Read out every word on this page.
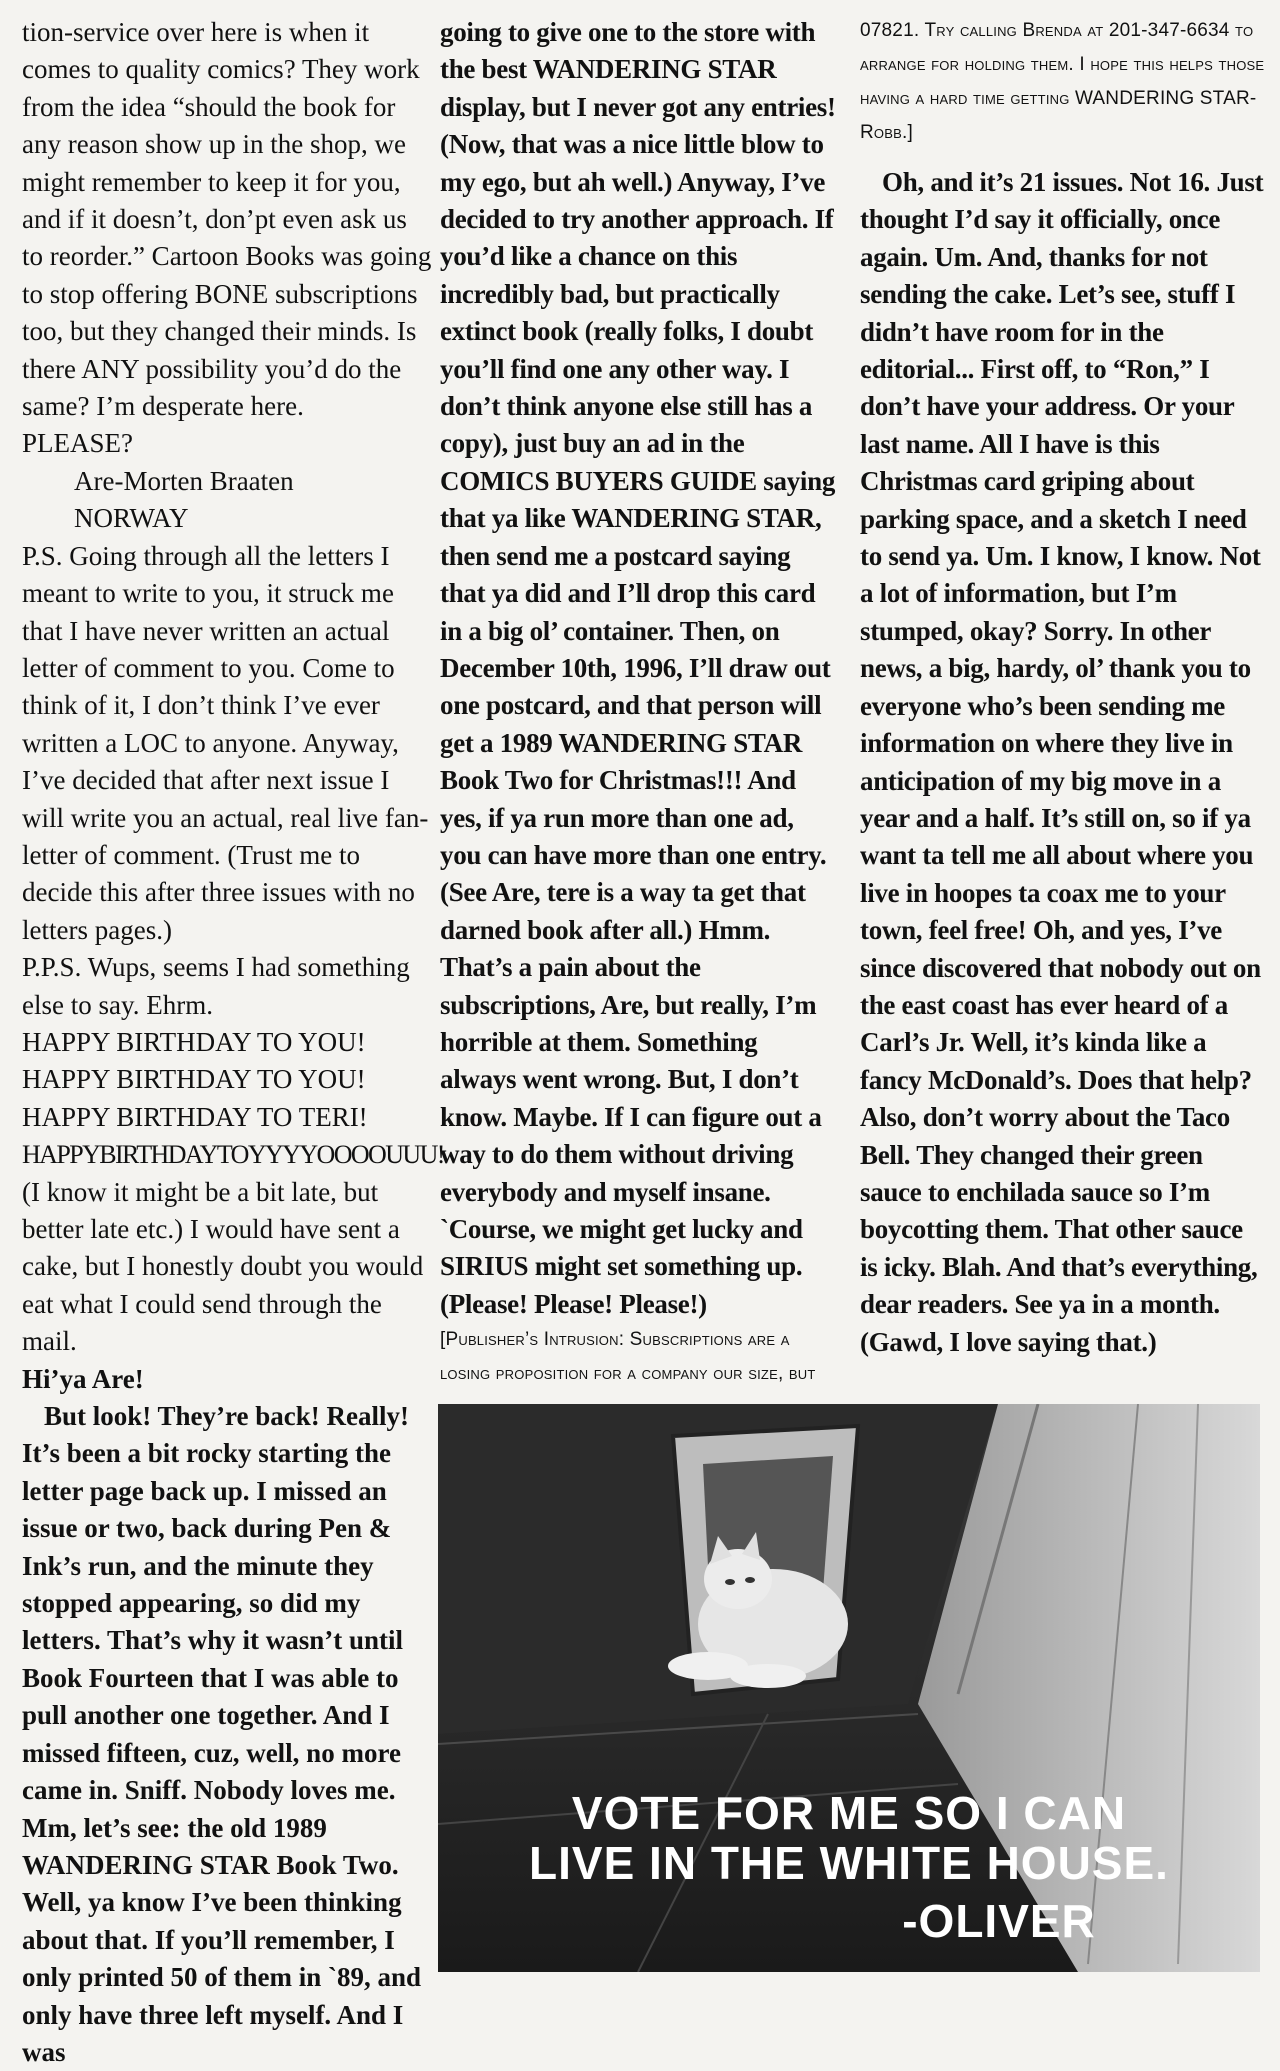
tion-service over here is when it comes to quality comics? They work from the idea “should the book for any reason show up in the shop, we might remember to keep it for you, and if it doesn’t, don’pt even ask us to reorder.” Cartoon Books was going to stop offering BONE subscriptions too, but they changed their minds. Is there ANY possibility you’d do the same? I’m desperate here.

PLEASE?

Are-Morten Braaten

NORWAY

P.S. Going through all the letters I meant to write to you, it struck me that I have never written an actual letter of comment to you. Come to think of it, I don’t think I’ve ever written a LOC to anyone. Anyway, I’ve decided that after next issue I will write you an actual, real live fan-letter of comment. (Trust me to decide this after three issues with no letters pages.)

P.P.S. Wups, seems I had something else to say. Ehrm.

HAPPY BIRTHDAY TO YOU!

HAPPY BIRTHDAY TO YOU!

HAPPY BIRTHDAY TO TERI!

HAPPYBIRTHDAYTOYYYYOOOOUUU!

(I know it might be a bit late, but better late etc.) I would have sent a cake, but I honestly doubt you would eat what I could send through the mail.

Hi’ya Are!

But look! They’re back! Really! It’s been a bit rocky starting the letter page back up. I missed an issue or two, back during Pen & Ink’s run, and the minute they stopped appearing, so did my letters. That’s why it wasn’t until Book Fourteen that I was able to pull another one together. And I missed fifteen, cuz, well, no more came in. Sniff. Nobody loves me. Mm, let’s see: the old 1989 WANDERING STAR Book Two. Well, ya know I’ve been thinking about that. If you’ll remember, I only printed 50 of them in `89, and only have three left myself. And I was

going to give one to the store with the best WANDERING STAR display, but I never got any entries! (Now, that was a nice little blow to my ego, but ah well.) Anyway, I’ve decided to try another approach. If you’d like a chance on this incredibly bad, but practically extinct book (really folks, I doubt you’ll find one any other way. I don’t think anyone else still has a copy), just buy an ad in the COMICS BUYERS GUIDE saying that ya like WANDERING STAR, then send me a postcard saying that ya did and I’ll drop this card in a big ol’ container. Then, on December 10th, 1996, I’ll draw out one postcard, and that person will get a 1989 WANDERING STAR Book Two for Christmas!!! And yes, if ya run more than one ad, you can have more than one entry. (See Are, tere is a way ta get that darned book after all.) Hmm. That’s a pain about the subscriptions, Are, but really, I’m horrible at them. Something always went wrong. But, I don’t know. Maybe. If I can figure out a way to do them without driving everybody and myself insane. `Course, we might get lucky and SIRIUS might set something up. (Please! Please! Please!)

[Publisher’s Intrusion: Subscriptions are a losing proposition for a company our size, but

07821. Try calling Brenda at 201-347-6634 to arrange for holding them. I hope this helps those having a hard time getting WANDERING STAR-Robb.]

Oh, and it’s 21 issues. Not 16. Just thought I’d say it officially, once again. Um. And, thanks for not sending the cake. Let’s see, stuff I didn’t have room for in the editorial... First off, to “Ron,” I don’t have your address. Or your last name. All I have is this Christmas card griping about parking space, and a sketch I need to send ya. Um. I know, I know. Not a lot of information, but I’m stumped, okay? Sorry. In other news, a big, hardy, ol’ thank you to everyone who’s been sending me information on where they live in anticipation of my big move in a year and a half. It’s still on, so if ya want ta tell me all about where you live in hoopes ta coax me to your town, feel free! Oh, and yes, I’ve since discovered that nobody out on the east coast has ever heard of a Carl’s Jr. Well, it’s kinda like a fancy McDonald’s. Does that help? Also, don’t worry about the Taco Bell. They changed their green sauce to enchilada sauce so I’m boycotting them. That other sauce is icky. Blah. And that’s everything, dear readers. See ya in a month. (Gawd, I love saying that.)

VOTE FOR ME SO I CAN
LIVE IN THE WHITE HOUSE.
-OLIVER
